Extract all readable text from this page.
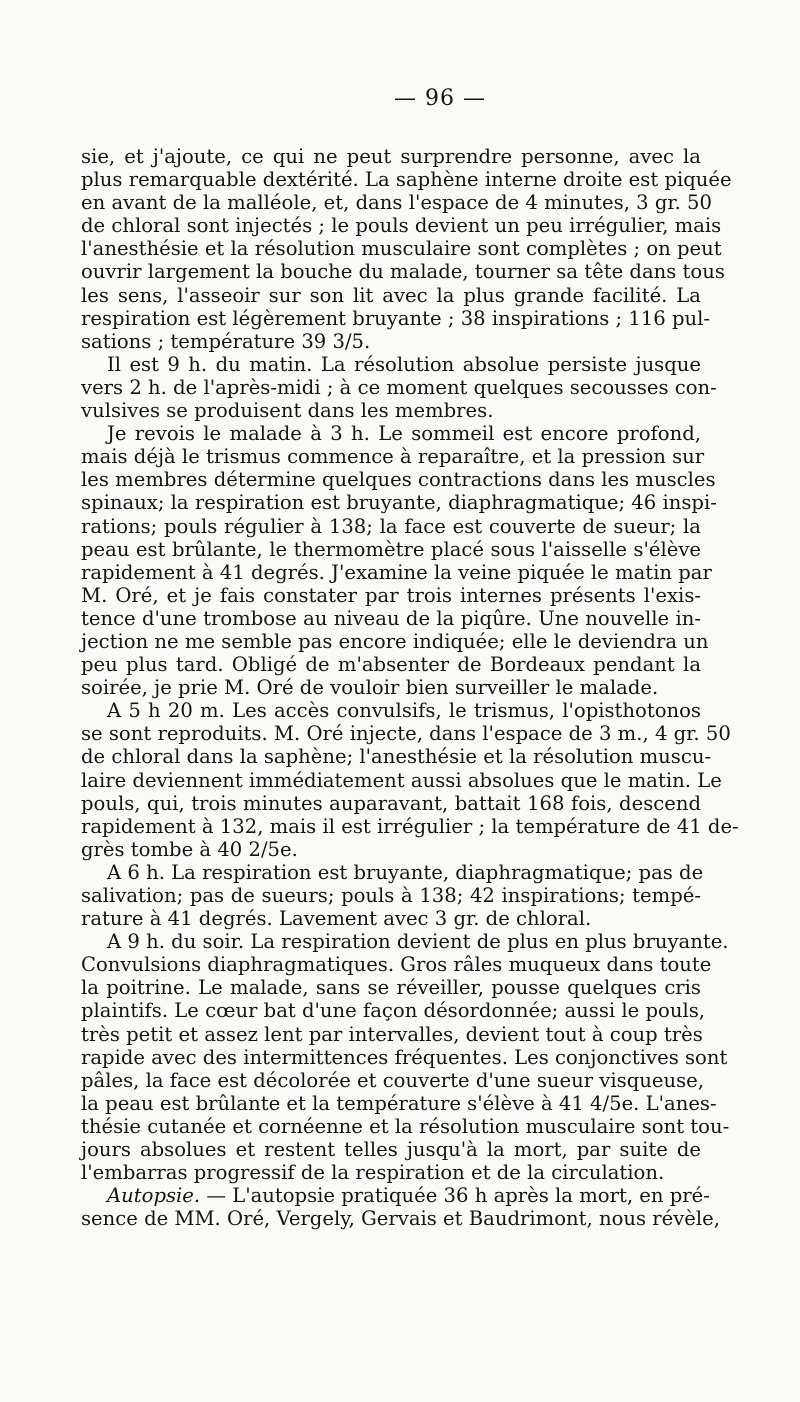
— 96 —
sie, et j'ajoute, ce qui ne peut surprendre personne, avec la
plus remarquable dextérité. La saphène interne droite est piquée
en avant de la malléole, et, dans l'espace de 4 minutes, 3 gr. 50
de chloral sont injectés ; le pouls devient un peu irrégulier, mais
l'anesthésie et la résolution musculaire sont complètes ; on peut
ouvrir largement la bouche du malade, tourner sa tête dans tous
les sens, l'asseoir sur son lit avec la plus grande facilité. La
respiration est légèrement bruyante ; 38 inspirations ; 116 pul-
sations ; température 39 3/5.
Il est 9 h. du matin. La résolution absolue persiste jusque
vers 2 h. de l'après-midi ; à ce moment quelques secousses con-
vulsives se produisent dans les membres.
Je revois le malade à 3 h. Le sommeil est encore profond,
mais déjà le trismus commence à reparaître, et la pression sur
les membres détermine quelques contractions dans les muscles
spinaux; la respiration est bruyante, diaphragmatique; 46 inspi-
rations; pouls régulier à 138; la face est couverte de sueur; la
peau est brûlante, le thermomètre placé sous l'aisselle s'élève
rapidement à 41 degrés. J'examine la veine piquée le matin par
M. Oré, et je fais constater par trois internes présents l'exis-
tence d'une trombose au niveau de la piqûre. Une nouvelle in-
jection ne me semble pas encore indiquée; elle le deviendra un
peu plus tard. Obligé de m'absenter de Bordeaux pendant la
soirée, je prie M. Oré de vouloir bien surveiller le malade.
A 5 h 20 m. Les accès convulsifs, le trismus, l'opisthotonos
se sont reproduits. M. Oré injecte, dans l'espace de 3 m., 4 gr. 50
de chloral dans la saphène; l'anesthésie et la résolution muscu-
laire deviennent immédiatement aussi absolues que le matin. Le
pouls, qui, trois minutes auparavant, battait 168 fois, descend
rapidement à 132, mais il est irrégulier ; la température de 41 de-
grès tombe à 40 2/5e.
A 6 h. La respiration est bruyante, diaphragmatique; pas de
salivation; pas de sueurs; pouls à 138; 42 inspirations; tempé-
rature à 41 degrés. Lavement avec 3 gr. de chloral.
A 9 h. du soir. La respiration devient de plus en plus bruyante.
Convulsions diaphragmatiques. Gros râles muqueux dans toute
la poitrine. Le malade, sans se réveiller, pousse quelques cris
plaintifs. Le cœur bat d'une façon désordonnée; aussi le pouls,
très petit et assez lent par intervalles, devient tout à coup très
rapide avec des intermittences fréquentes. Les conjonctives sont
pâles, la face est décolorée et couverte d'une sueur visqueuse,
la peau est brûlante et la température s'élève à 41 4/5e. L'anes-
thésie cutanée et cornéenne et la résolution musculaire sont tou-
jours absolues et restent telles jusqu'à la mort, par suite de
l'embarras progressif de la respiration et de la circulation.
Autopsie. — L'autopsie pratiquée 36 h après la mort, en pré-
sence de MM. Oré, Vergely, Gervais et Baudrimont, nous révèle,
